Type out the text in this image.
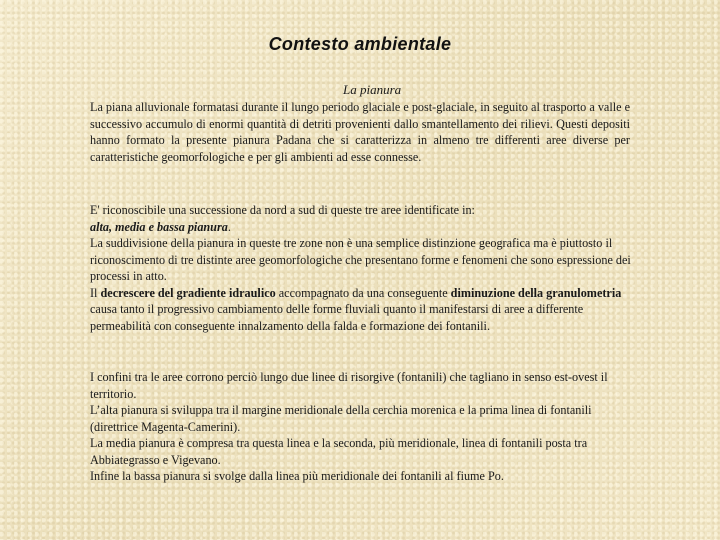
Contesto ambientale
La pianura
La piana alluvionale formatasi durante il lungo periodo glaciale e post-glaciale, in seguito al trasporto a valle e successivo accumulo di enormi quantità di detriti provenienti dallo smantellamento dei rilievi. Questi depositi hanno formato la presente pianura Padana che si caratterizza in almeno tre differenti aree diverse per caratteristiche geomorfologiche e per gli ambienti ad esse connesse.
E' riconoscibile una successione da nord a sud di queste tre aree identificate in:
alta, media e bassa pianura.
La suddivisione della pianura in queste tre zone non è una semplice distinzione geografica ma è piuttosto il riconoscimento di tre distinte aree geomorfologiche che presentano forme e fenomeni che sono espressione dei processi in atto.
Il decrescere del gradiente idraulico accompagnato da una conseguente diminuzione della granulometria causa tanto il progressivo cambiamento delle forme fluviali quanto il manifestarsi di aree a differente permeabilità con conseguente innalzamento della falda e formazione dei fontanili.
I confini tra le aree corrono perciò lungo due linee di risorgive (fontanili) che tagliano in senso est-ovest il territorio.
L’alta pianura si sviluppa tra il margine meridionale della cerchia morenica e la prima linea di fontanili (direttrice Magenta-Camerini).
La media pianura è compresa tra questa linea e la seconda, più meridionale, linea di fontanili posta tra Abbiategrasso e Vigevano.
Infine la bassa pianura si svolge dalla linea più meridionale dei fontanili al fiume Po.
